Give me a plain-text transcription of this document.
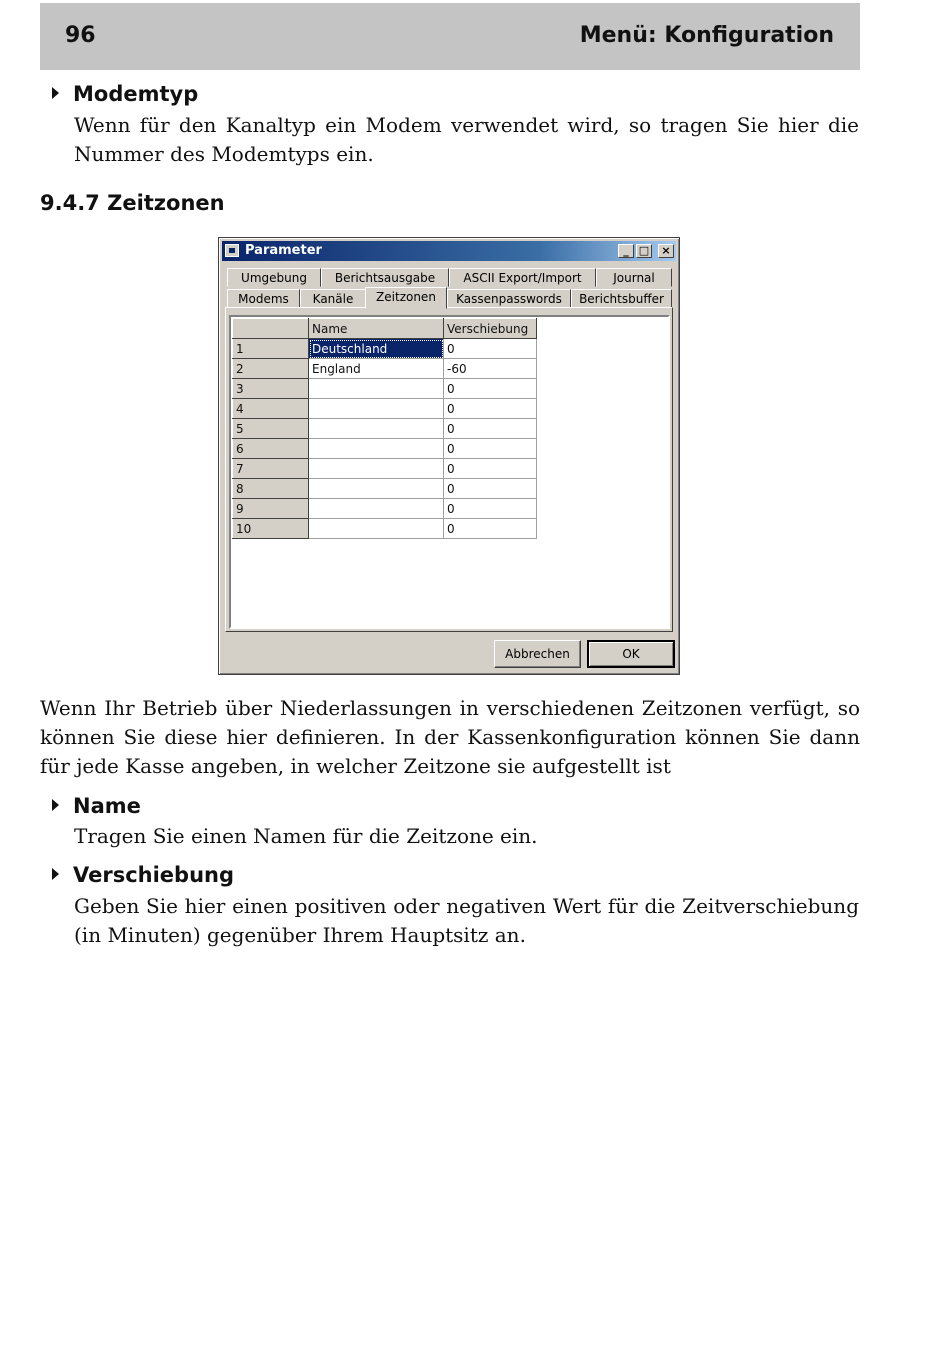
96	Menü: Konfiguration
Modemtyp
Wenn für den Kanaltyp ein Modem verwendet wird, so tragen Sie hier die Nummer des Modemtyps ein.
9.4.7 Zeitzonen
Parameter	_ □	×
Umgebung	Berichtsausgabe	ASCII Export/Import	Journal
Modems	Kanäle	Zeitzonen	Kassenpasswords	Berichtsbuffer
	Name	Verschiebung
1	Deutschland	0
2	England	-60
3		0
4		0
5		0
6		0
7		0
8		0
9		0
10		0
Abbrechen	OK
Wenn Ihr Betrieb über Niederlassungen in verschiedenen Zeitzonen verfügt, so können Sie diese hier definieren. In der Kassenkonfiguration können Sie dann für jede Kasse angeben, in welcher Zeitzone sie aufgestellt ist
Name
Tragen Sie einen Namen für die Zeitzone ein.
Verschiebung
Geben Sie hier einen positiven oder negativen Wert für die Zeitverschiebung (in Minuten) gegenüber Ihrem Hauptsitz an.
